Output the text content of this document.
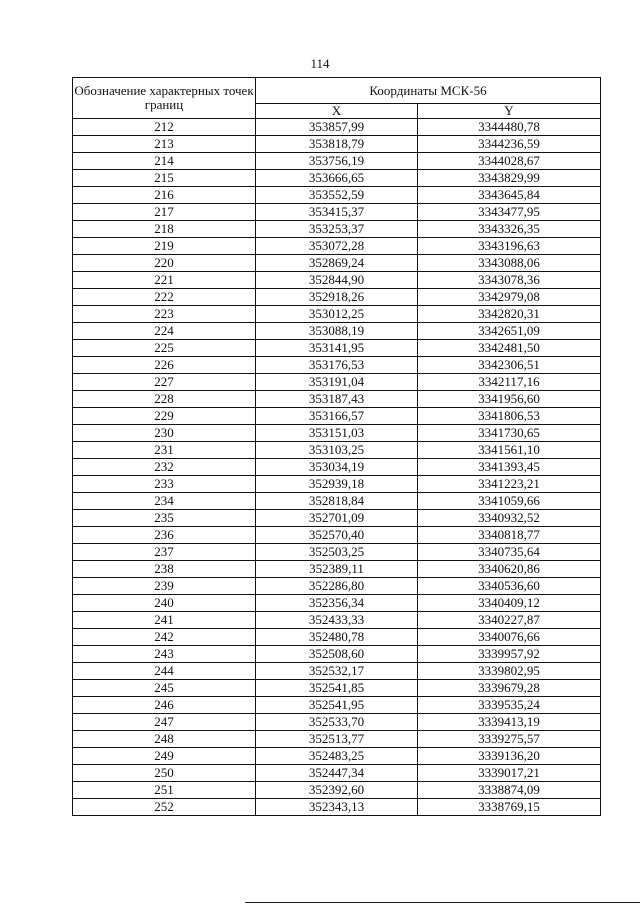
114
Обозначение характерных точек границ	Координаты МСК-56	
	X	Y
212	353857,99	3344480,78
213	353818,79	3344236,59
214	353756,19	3344028,67
215	353666,65	3343829,99
216	353552,59	3343645,84
217	353415,37	3343477,95
218	353253,37	3343326,35
219	353072,28	3343196,63
220	352869,24	3343088,06
221	352844,90	3343078,36
222	352918,26	3342979,08
223	353012,25	3342820,31
224	353088,19	3342651,09
225	353141,95	3342481,50
226	353176,53	3342306,51
227	353191,04	3342117,16
228	353187,43	3341956,60
229	353166,57	3341806,53
230	353151,03	3341730,65
231	353103,25	3341561,10
232	353034,19	3341393,45
233	352939,18	3341223,21
234	352818,84	3341059,66
235	352701,09	3340932,52
236	352570,40	3340818,77
237	352503,25	3340735,64
238	352389,11	3340620,86
239	352286,80	3340536,60
240	352356,34	3340409,12
241	352433,33	3340227,87
242	352480,78	3340076,66
243	352508,60	3339957,92
244	352532,17	3339802,95
245	352541,85	3339679,28
246	352541,95	3339535,24
247	352533,70	3339413,19
248	352513,77	3339275,57
249	352483,25	3339136,20
250	352447,34	3339017,21
251	352392,60	3338874,09
252	352343,13	3338769,15
